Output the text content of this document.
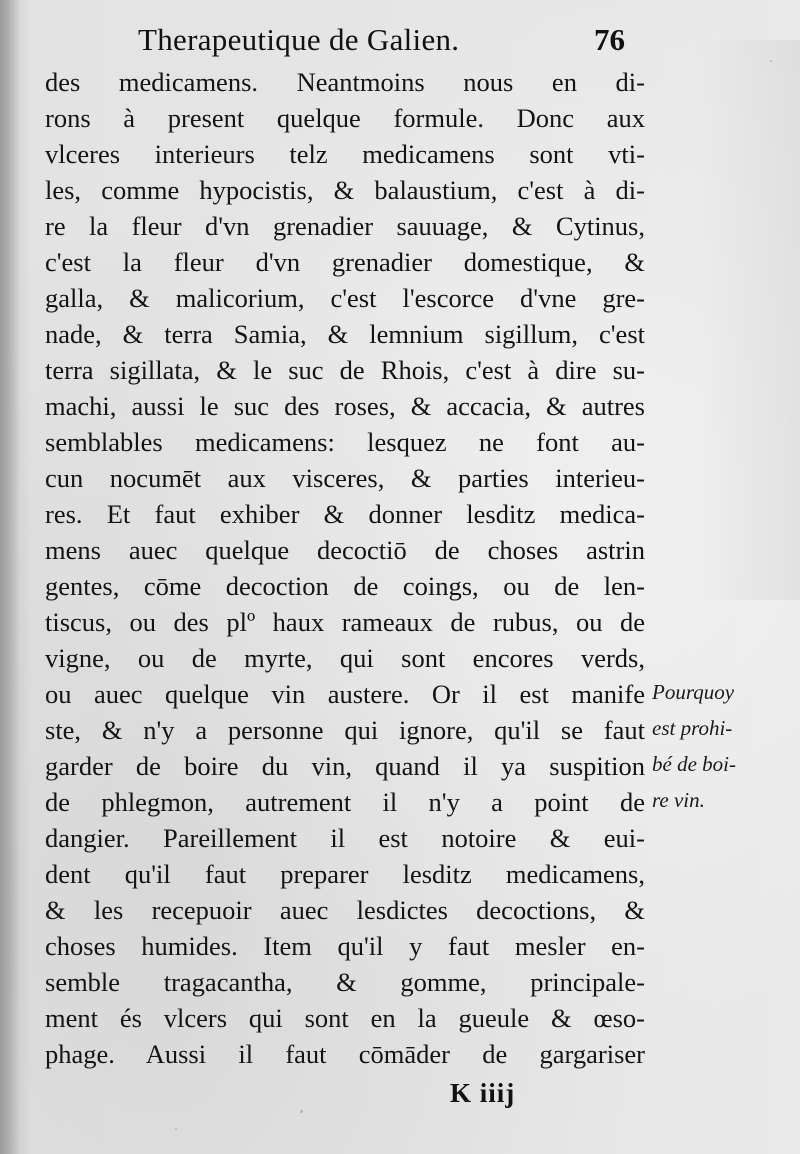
Therapeutique de Galien.	76
des medicamens. Neantmoins nous en di-
rons à present quelque formule. Donc aux
vlceres interieurs telz medicamens sont vti-
les, comme hypocistis, & balaustium, c'est à di-
re la fleur d'vn grenadier sauuage, & Cytinus,
c'est la fleur d'vn grenadier domestique, &
galla, & malicorium, c'est l'escorce d'vne gre-
nade, & terra Samia, & lemnium sigillum, c'est
terra sigillata, & le suc de Rhois, c'est à dire su-
machi, aussi le suc des roses, & accacia, & autres
semblables medicamens: lesquez ne font au-
cun nocumēt aux visceres, & parties interieu-
res. Et faut exhiber & donner lesditz medica-
mens auec quelque decoctiō de choses astrin
gentes, cōme decoction de coings, ou de len-
tiscus, ou des plº haux rameaux de rubus, ou de
vigne, ou de myrte, qui sont encores verds,
ou auec quelque vin austere. Or il est manife
ste, & n'y a personne qui ignore, qu'il se faut
garder de boire du vin, quand il ya suspition
de phlegmon, autrement il n'y a point de
dangier. Pareillement il est notoire & eui-
dent qu'il faut preparer lesditz medicamens,
& les recepuoir auec lesdictes decoctions, &
choses humides. Item qu'il y faut mesler en-
semble tragacantha, & gomme, principale-
ment és vlcers qui sont en la gueule & œso-
phage. Aussi il faut cōmāder de gargariser
Pourquoy
est prohi-
bé de boi-
re vin.
K iiij
